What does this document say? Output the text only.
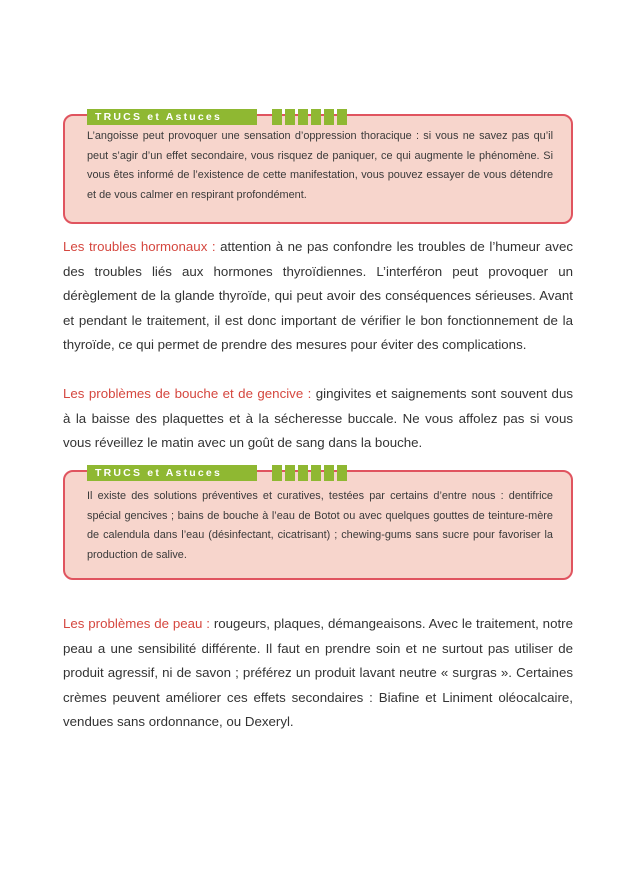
TRUCS et Astuces
L’angoisse peut provoquer une sensation d’oppression thoracique : si vous ne savez pas qu’il peut s’agir d’un effet secondaire, vous risquez de paniquer, ce qui augmente le phénomène. Si vous êtes informé de l’existence de cette manifestation, vous pouvez essayer de vous détendre et de vous calmer en respirant profondément.

Les troubles hormonaux : attention à ne pas confondre les troubles de l’humeur avec des troubles liés aux hormones thyroïdiennes. L’interféron peut provoquer un dérèglement de la glande thyroïde, qui peut avoir des conséquences sérieuses. Avant et pendant le traitement, il est donc important de vérifier le bon fonctionnement de la thyroïde, ce qui permet de prendre des mesures pour éviter des complications.

Les problèmes de bouche et de gencive : gingivites et saignements sont souvent dus à la baisse des plaquettes et à la sécheresse buccale. Ne vous affolez pas si vous vous réveillez le matin avec un goût de sang dans la bouche.

TRUCS et Astuces
Il existe des solutions préventives et curatives, testées par certains d’entre nous : dentifrice spécial gencives ; bains de bouche à l’eau de Botot ou avec quelques gouttes de teinture-mère de calendula dans l’eau (désinfectant, cicatrisant) ; chewing-gums sans sucre pour favoriser la production de salive.

Les problèmes de peau : rougeurs, plaques, démangeaisons. Avec le traitement, notre peau a une sensibilité différente. Il faut en prendre soin et ne surtout pas utiliser de produit agressif, ni de savon ; préférez un produit lavant neutre « surgras ». Certaines crèmes peuvent améliorer ces effets secondaires : Biafine et Liniment oléocalcaire, vendues sans ordonnance, ou Dexeryl.
